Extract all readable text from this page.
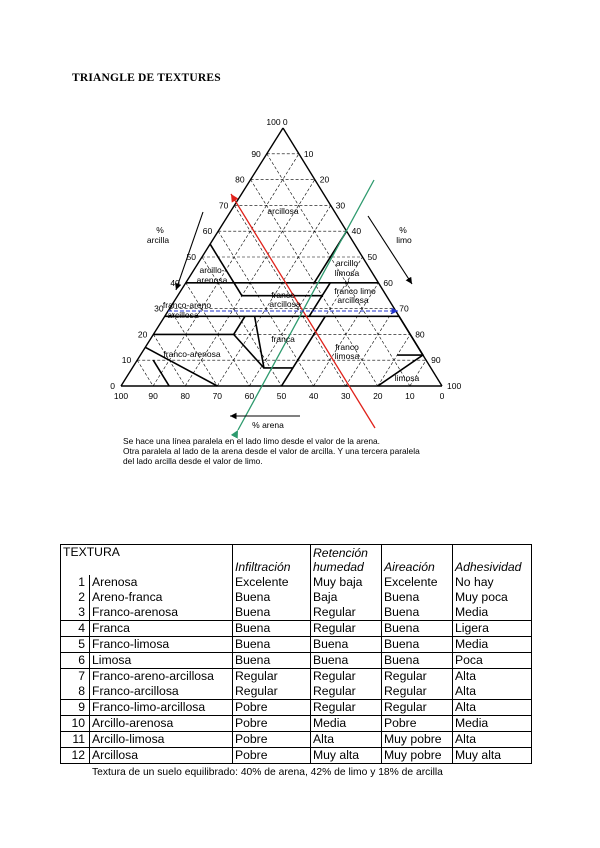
TRIANGLE DE TEXTURES
100 0
90
80
70
60
50
40
30
20
10
0
10
20
30
40
50
60
70
80
90
100
100 90	80	70	60	50	40	30	20	10	0
%
arcilla
%
limo
% arena
arcillosa
arcillo-
arenosa
arcillo
limosa
y
franco limo
arcillosa
franco-areno
arcillosa
franco
arcillosa
franca
franco-arenosa
franco
limosa
limosa
Se hace una línea paralela en el lado limo desde el valor de la arena.
Otra paralela al lado de la arena desde el valor de arcilla. Y una tercera paralela
del lado arcilla desde el valor de limo.
TEXTURA		Infiltración	Retención
humedad	Aireación	Adhesividad
1	Arenosa	Excelente	Muy baja	Excelente	No hay
2	Areno-franca	Buena	Baja	Buena	Muy poca
3	Franco-arenosa	Buena	Regular	Buena	Media
4	Franca	Buena	Regular	Buena	Ligera
5	Franco-limosa	Buena	Buena	Buena	Media
6	Limosa	Buena	Buena	Buena	Poca
7	Franco-areno-arcillosa	Regular	Regular	Regular	Alta
8	Franco-arcillosa	Regular	Regular	Regular	Alta
9	Franco-limo-arcillosa	Pobre	Regular	Regular	Alta
10	Arcillo-arenosa	Pobre	Media	Pobre	Media
11	Arcillo-limosa	Pobre	Alta	Muy pobre	Alta
12	Arcillosa	Pobre	Muy alta	Muy pobre	Muy alta
Textura de un suelo equilibrado: 40% de arena, 42% de limo y 18% de arcilla
